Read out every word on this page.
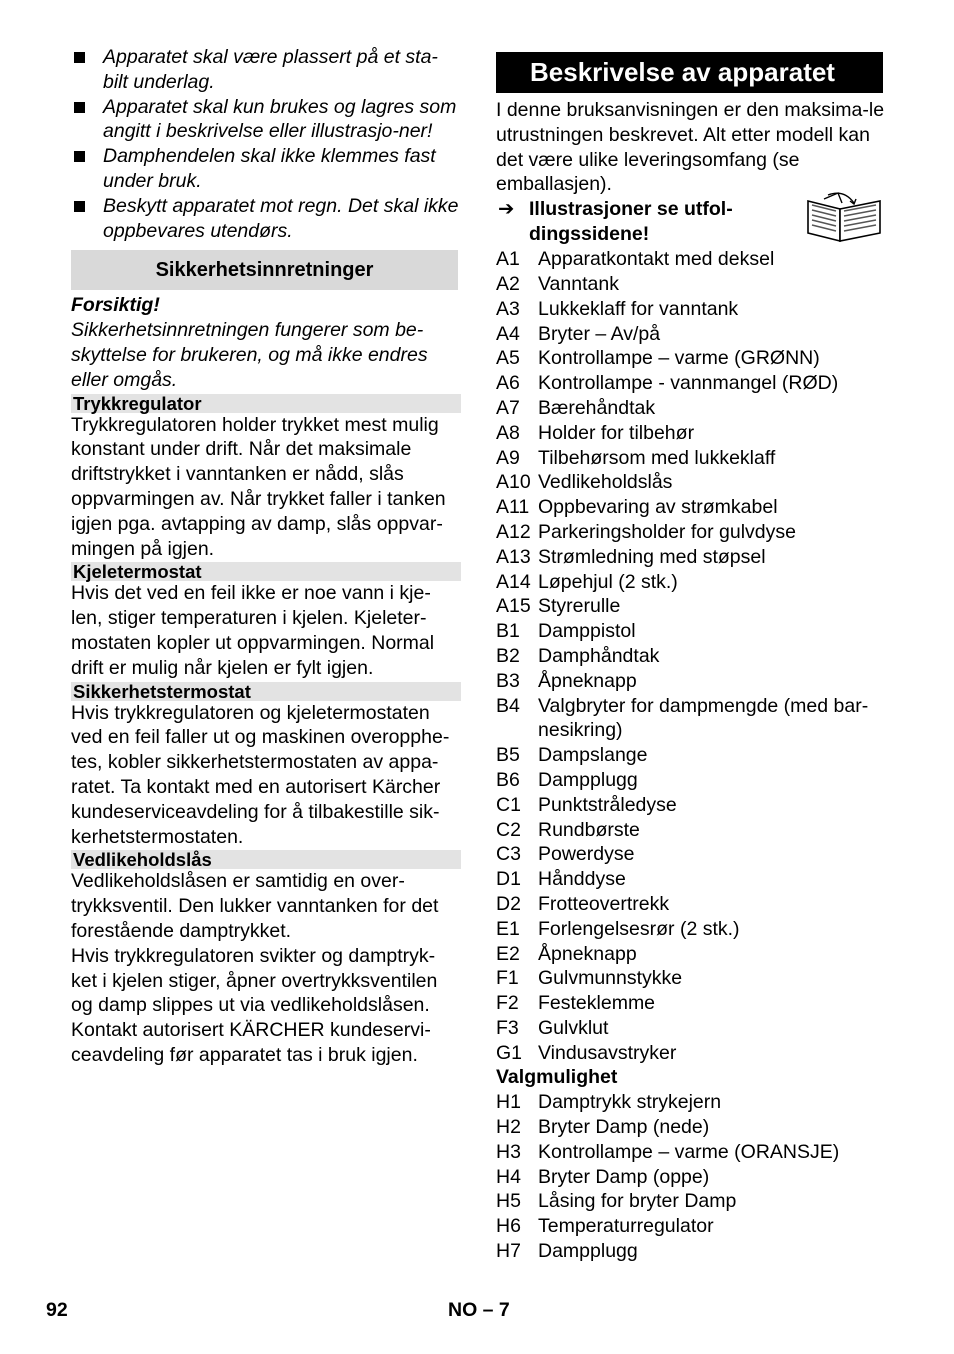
Apparatet skal være plassert på et sta-bilt underlag.
Apparatet skal kun brukes og lagres som angitt i beskrivelse eller illustrasjo-ner!
Damphendelen skal ikke klemmes fast under bruk.
Beskytt apparatet mot regn. Det skal ikke oppbevares utendørs.
Sikkerhetsinnretninger
Forsiktig!
Sikkerhetsinnretningen fungerer som be-skyttelse for brukeren, og må ikke endres eller omgås.
Trykkregulator

Trykkregulatoren holder trykket mest mulig konstant under drift. Når det maksimale driftstrykket i vanntanken er nådd, slås oppvarmingen av. Når trykket faller i tanken igjen pga. avtapping av damp, slås oppvar-mingen på igjen.

Kjeletermostat

Hvis det ved en feil ikke er noe vann i kje-len, stiger temperaturen i kjelen. Kjeleter-mostaten kopler ut oppvarmingen. Normal drift er mulig når kjelen er fylt igjen.

Sikkerhetstermostat

Hvis trykkregulatoren og kjeletermostaten ved en feil faller ut og maskinen overopphe-tes, kobler sikkerhetstermostaten av appa-ratet. Ta kontakt med en autorisert Kärcher kundeserviceavdeling for å tilbakestille sik-kerhetstermostaten.

Vedlikeholdslås

Vedlikeholdslåsen er samtidig en over-trykksventil. Den lukker vanntanken for det forestående damptrykket.

Hvis trykkregulatoren svikter og damptryk-ket i kjelen stiger, åpner overtrykksventilen og damp slippes ut via vedlikeholdslåsen. Kontakt autorisert KÄRCHER kundeservi-ceavdeling før apparatet tas i bruk igjen.

Beskrivelse av apparatet
I denne bruksanvisningen er den maksima-le utrustningen beskrevet. Alt etter modell kan det være ulike leveringsomfang (se emballasjen).
➔ Illustrasjoner se utfol-dingssidene!
A1 Apparatkontakt med deksel
A2 Vanntank
A3 Lukkeklaff for vanntank
A4 Bryter – Av/på
A5 Kontrollampe – varme (GRØNN)
A6 Kontrollampe - vannmangel (RØD)
A7 Bærehåndtak
A8 Holder for tilbehør
A9 Tilbehørsom med lukkeklaff
A10 Vedlikeholdslås
A11 Oppbevaring av strømkabel
A12 Parkeringsholder for gulvdyse
A13 Strømledning med støpsel
A14 Løpehjul (2 stk.)
A15 Styrerulle
B1 Damppistol
B2 Damphåndtak
B3 Åpneknapp
B4 Valgbryter for dampmengde (med bar-nesikring)
B5 Dampslange
B6 Dampplugg
C1 Punktstråledyse
C2 Rundbørste
C3 Powerdyse
D1 Hånddyse
D2 Frotteovertrekk
E1 Forlengelsesrør (2 stk.)
E2 Åpneknapp
F1 Gulvmunnstykke
F2 Festeklemme
F3 Gulvklut
G1 Vindusavstryker
Valgmulighet
H1 Damptrykk strykejern
H2 Bryter Damp (nede)
H3 Kontrollampe – varme (ORANSJE)
H4 Bryter Damp (oppe)
H5 Låsing for bryter Damp
H6 Temperaturregulator
H7 Dampplugg
92	NO – 7
